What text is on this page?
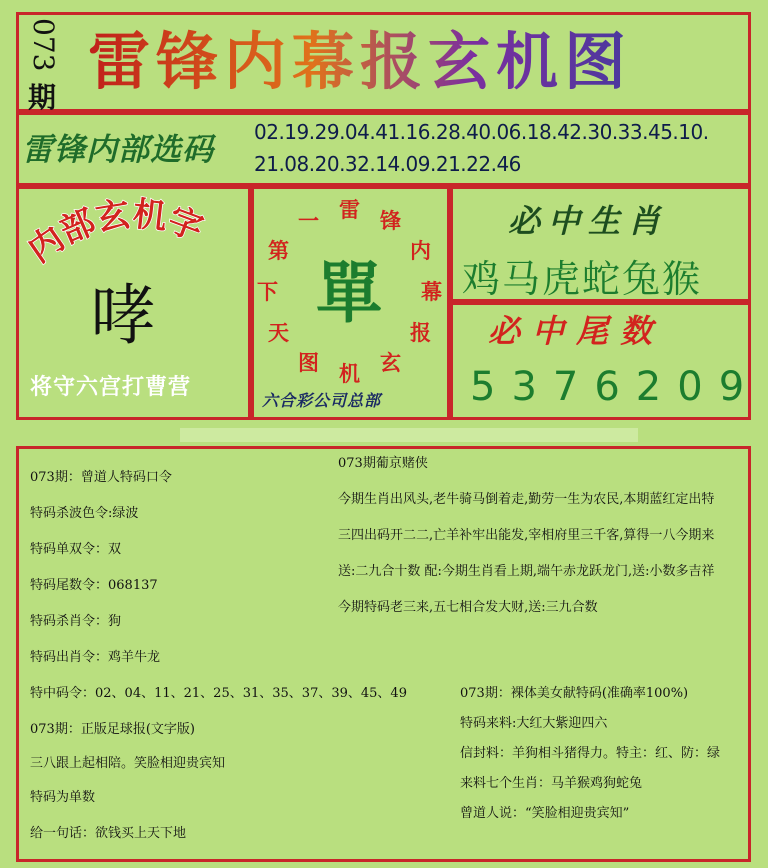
073
期 雷锋内幕报玄机图
雷锋内部选码	02.19.29.04.41.16.28.40.06.18.42.30.33.45.10.
21.08.20.32.14.09.21.22.46
内部玄机字
哮
将守六宫打曹营
雷 锋
内
幕
报
玄
机
图
天
下
第
一
單
六合彩公司总部
必中生肖
鸡马虎蛇兔猴
必中尾数
5376209
073期：曾道人特码口令
特码杀波色令:绿波
特码单双令：双
特码尾数令：068137
特码杀肖令：狗
特码出肖令：鸡羊牛龙
特中码令：02、04、11、21、25、31、35、37、39、45、49
073期：正版足球报(文字版)
三八跟上起相陪。笑脸相迎贵宾知
特码为单数
给一句话：欲钱买上天下地
073期葡京赌侠
今期生肖出风头,老牛骑马倒着走,勤劳一生为农民,本期蓝红定出特
三四出码开二二,亡羊补牢出能发,宰相府里三千客,算得一八今期来
送:二九合十数 配:今期生肖看上期,端午赤龙跃龙门,送:小数多吉祥
今期特码老三来,五七相合发大财,送:三九合数
073期：裸体美女献特码(准确率100%)
特码来料:大红大紫迎四六
信封料：羊狗相斗猪得力。特主：红、防：绿
来料七个生肖：马羊猴鸡狗蛇兔
曾道人说：“笑脸相迎贵宾知”
